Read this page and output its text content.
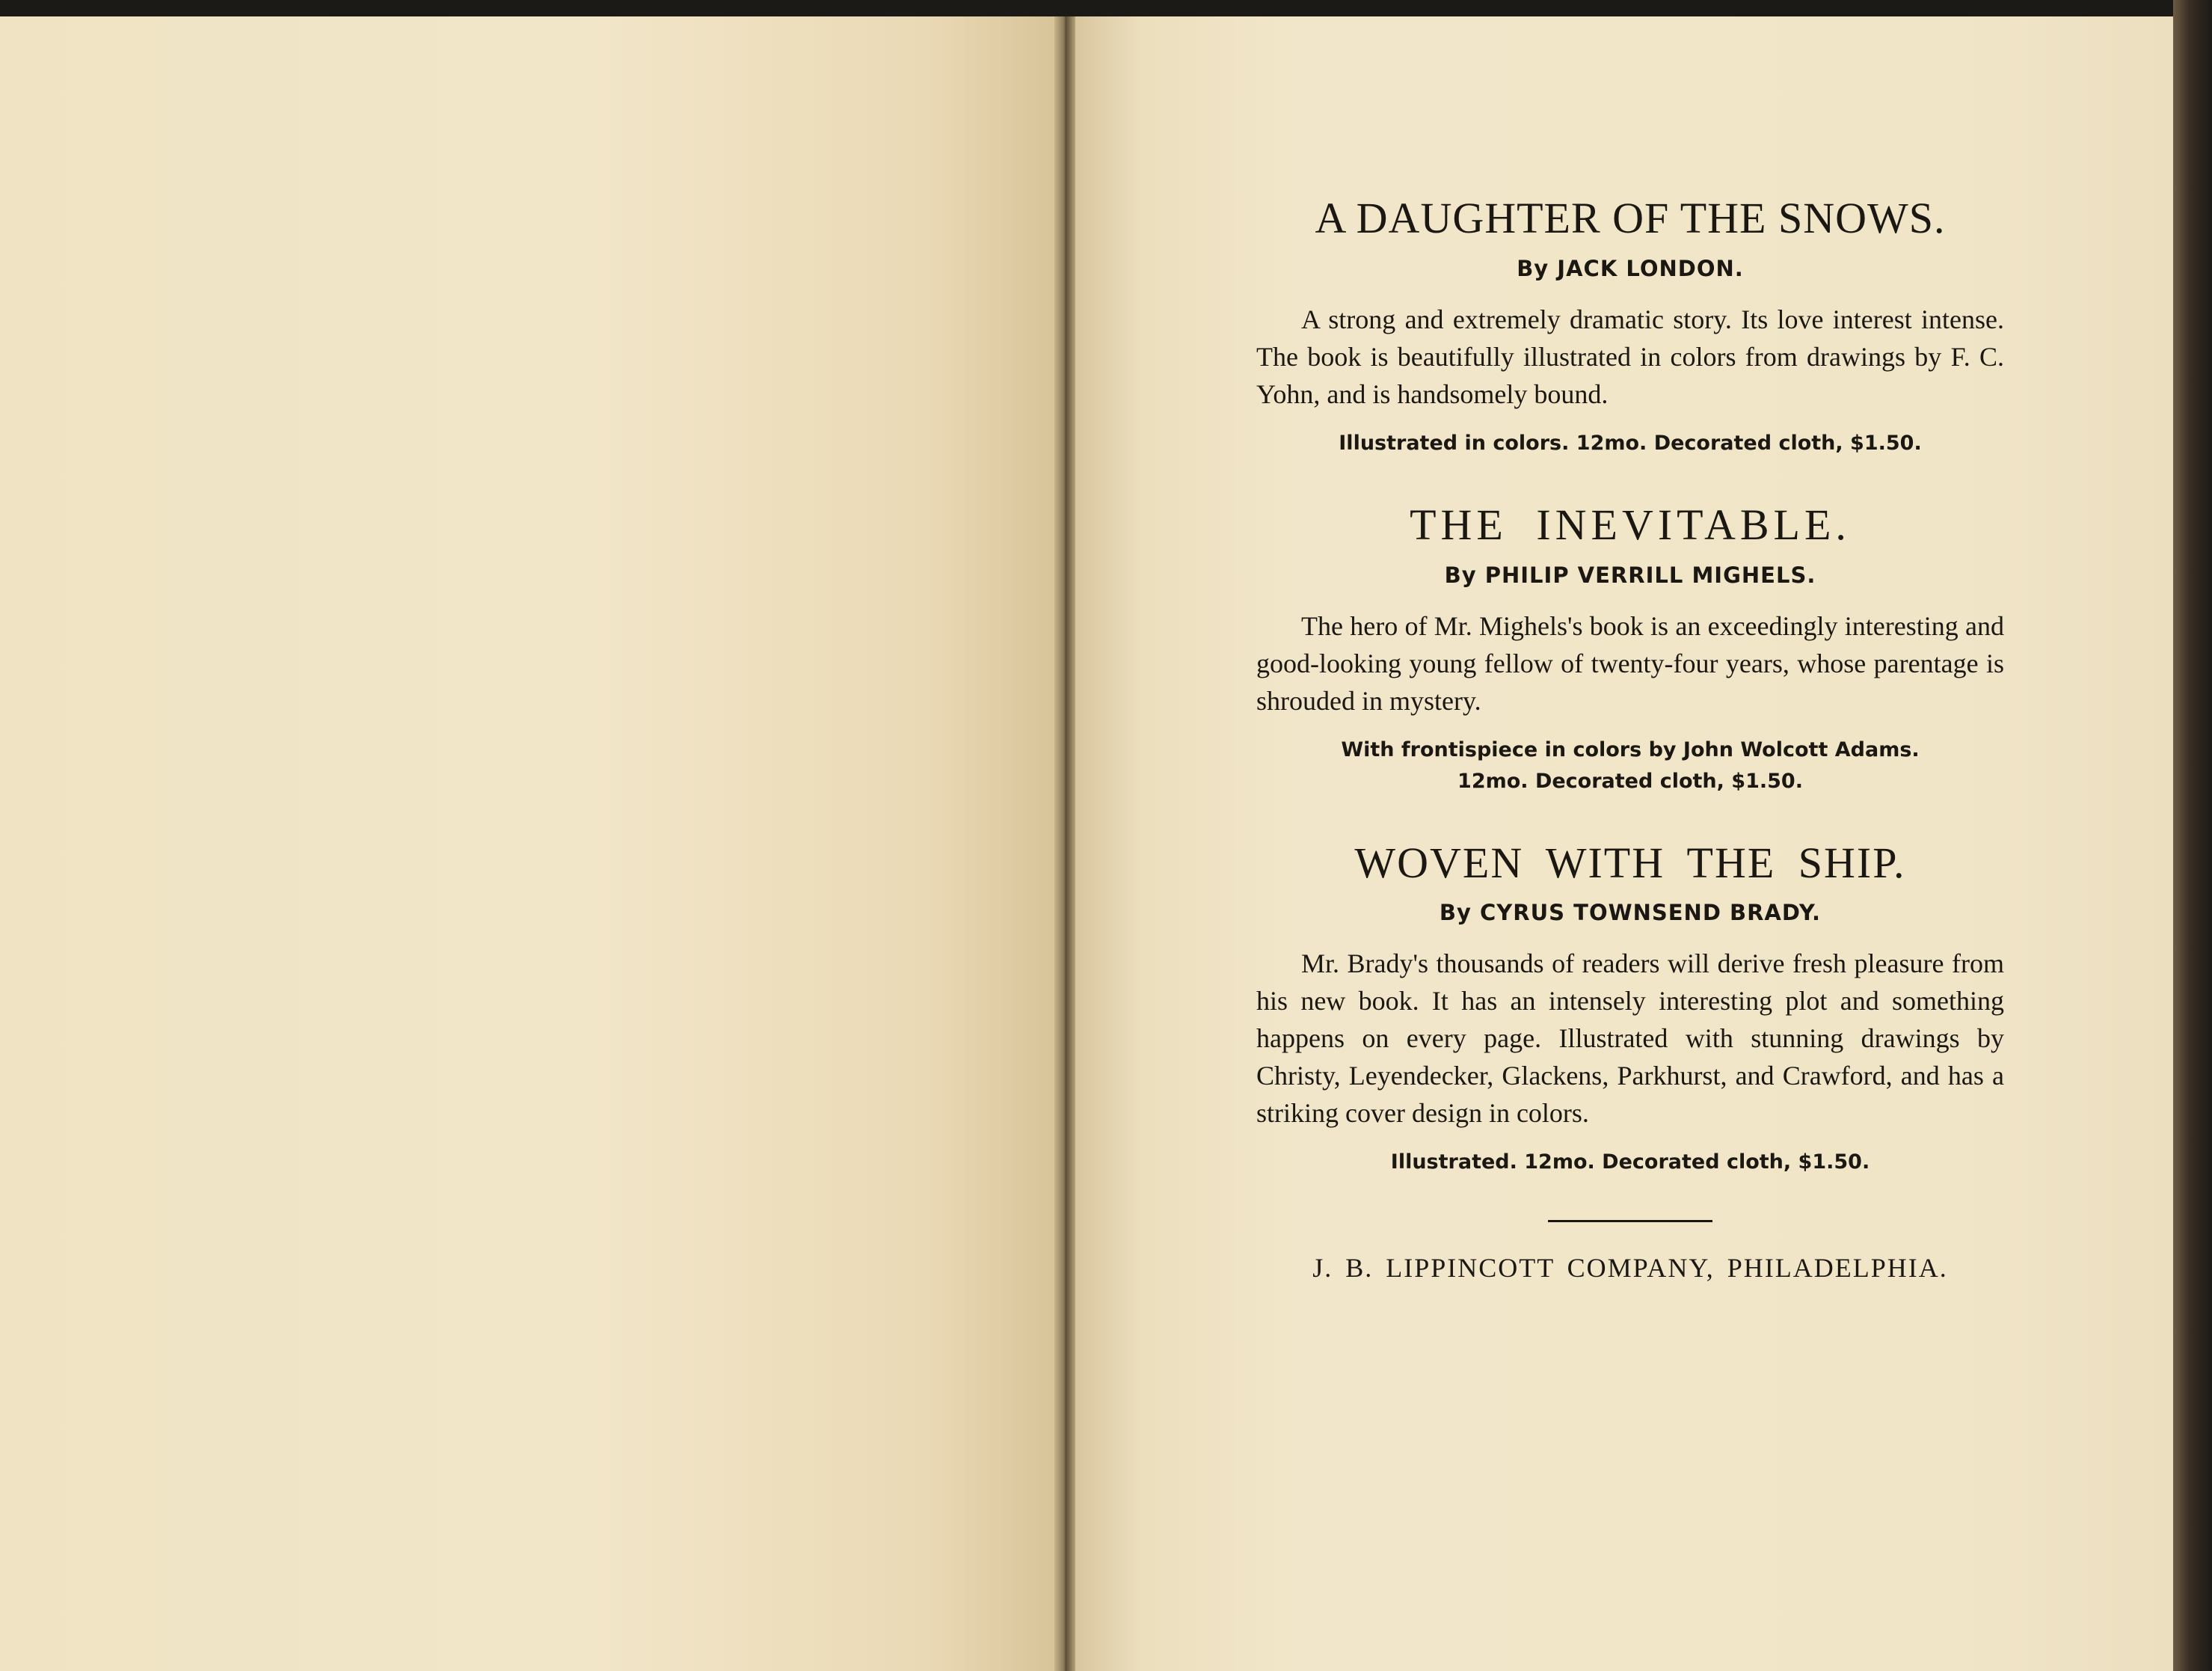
A DAUGHTER OF THE SNOWS.
By JACK LONDON.

A strong and extremely dramatic story. Its love interest intense. The book is beautifully illustrated in colors from drawings by F. C. Yohn, and is handsomely bound.

Illustrated in colors. 12mo. Decorated cloth, $1.50.
THE INEVITABLE.
By PHILIP VERRILL MIGHELS.

The hero of Mr. Mighels's book is an exceedingly interesting and good-looking young fellow of twenty-four years, whose parentage is shrouded in mystery.

With frontispiece in colors by John Wolcott Adams.
12mo. Decorated cloth, $1.50.
WOVEN WITH THE SHIP.
By CYRUS TOWNSEND BRADY.

Mr. Brady's thousands of readers will derive fresh pleasure from his new book. It has an intensely interesting plot and something happens on every page. Illustrated with stunning drawings by Christy, Leyendecker, Glackens, Parkhurst, and Crawford, and has a striking cover design in colors.

Illustrated. 12mo. Decorated cloth, $1.50.

J. B. LIPPINCOTT COMPANY, PHILADELPHIA.
